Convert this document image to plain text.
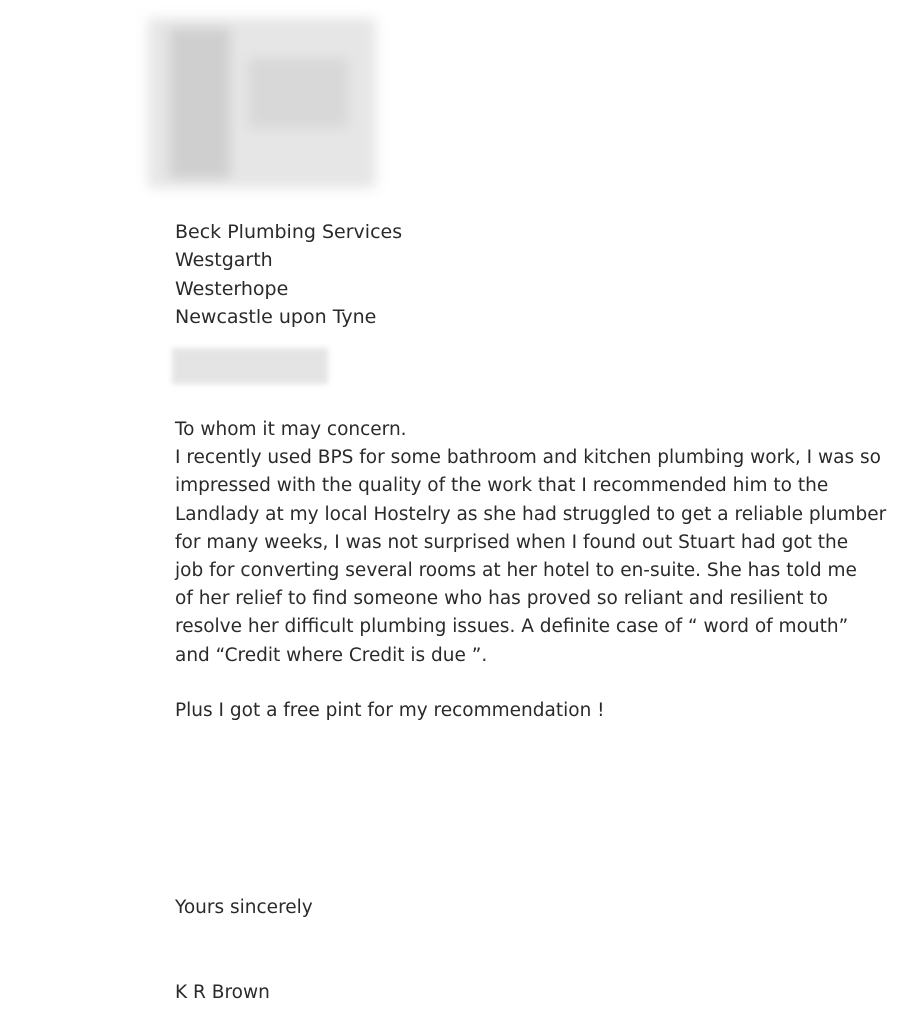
Beck Plumbing Services
Westgarth
Westerhope
Newcastle upon Tyne

To whom it may concern.

I recently used BPS for some bathroom and kitchen plumbing work, I was so

impressed with the quality of the work that I recommended him to the

Landlady at my local Hostelry as she had struggled to get a reliable plumber

for many weeks, I was not surprised when I found out Stuart had got the

job for converting several rooms at her hotel to en-suite. She has told me

of her relief to find someone who has proved so reliant and resilient to

resolve her difficult plumbing issues. A definite case of “ word of mouth”

and “Credit where Credit is due ”.

Plus I got a free pint for my recommendation !
Yours sincerely
K R Brown
